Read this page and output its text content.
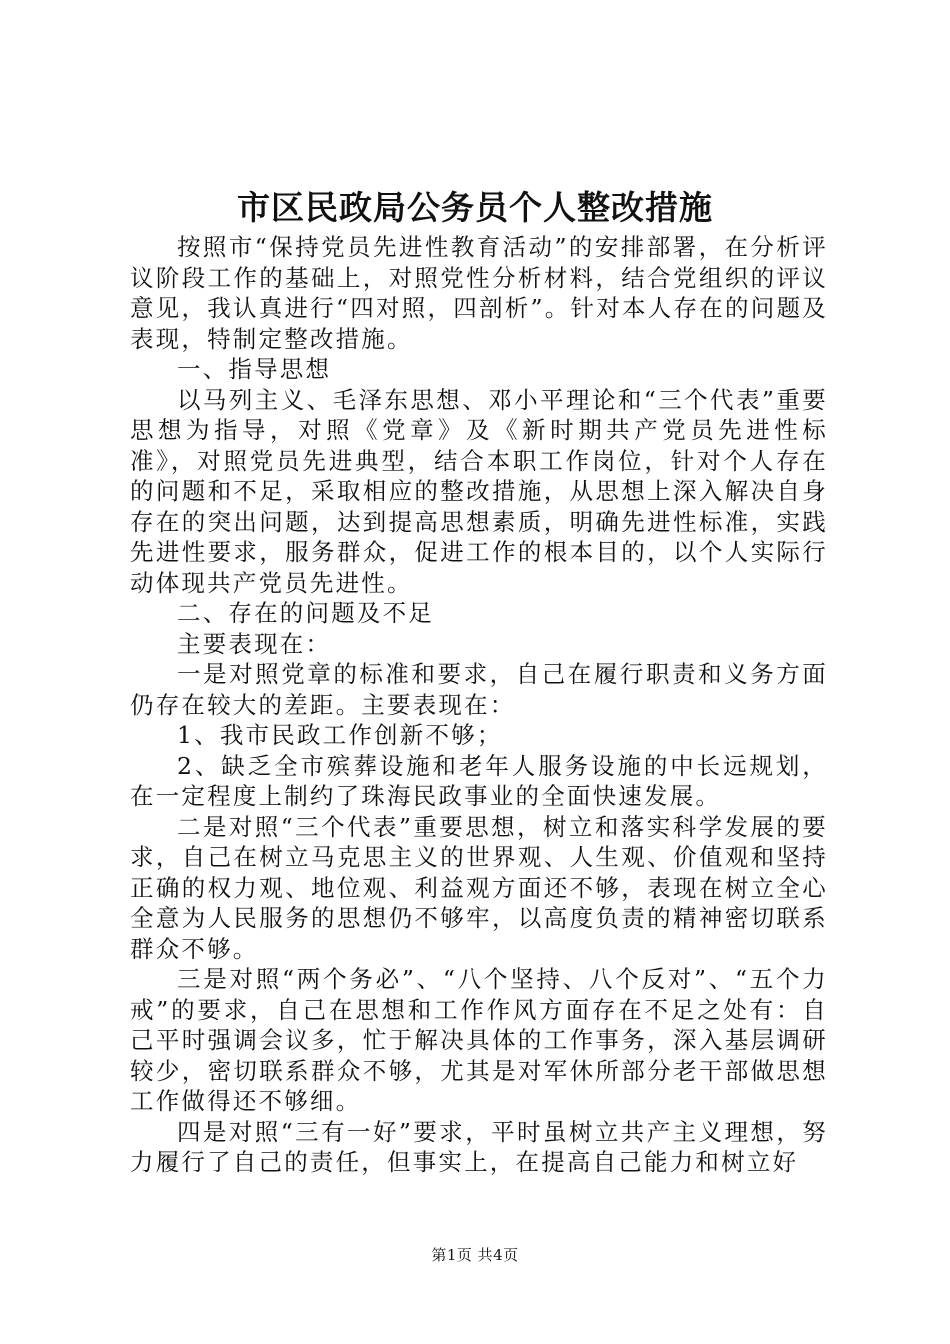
市区民政局公务员个人整改措施

按照市“保持党员先进性教育活动”的安排部署，在分析评议阶段工作的基础上，对照党性分析材料，结合党组织的评议意见，我认真进行“四对照，四剖析”。针对本人存在的问题及表现，特制定整改措施。

一、指导思想

以马列主义、毛泽东思想、邓小平理论和“三个代表”重要思想为指导，对照《党章》及《新时期共产党员先进性标准》，对照党员先进典型，结合本职工作岗位，针对个人存在的问题和不足，采取相应的整改措施，从思想上深入解决自身存在的突出问题，达到提高思想素质，明确先进性标准，实践先进性要求，服务群众，促进工作的根本目的，以个人实际行动体现共产党员先进性。

二、存在的问题及不足

主要表现在：

一是对照党章的标准和要求，自己在履行职责和义务方面仍存在较大的差距。主要表现在：

1、我市民政工作创新不够；

2、缺乏全市殡葬设施和老年人服务设施的中长远规划，在一定程度上制约了珠海民政事业的全面快速发展。

二是对照“三个代表”重要思想，树立和落实科学发展的要求，自己在树立马克思主义的世界观、人生观、价值观和坚持正确的权力观、地位观、利益观方面还不够，表现在树立全心全意为人民服务的思想仍不够牢，以高度负责的精神密切联系群众不够。

三是对照“两个务必”、“八个坚持、八个反对”、“五个力戒”的要求，自己在思想和工作作风方面存在不足之处有：自己平时强调会议多，忙于解决具体的工作事务，深入基层调研较少，密切联系群众不够，尤其是对军休所部分老干部做思想工作做得还不够细。

四是对照“三有一好”要求，平时虽树立共产主义理想，努力履行了自己的责任，但事实上，在提高自己能力和树立好

第1页 共4页
